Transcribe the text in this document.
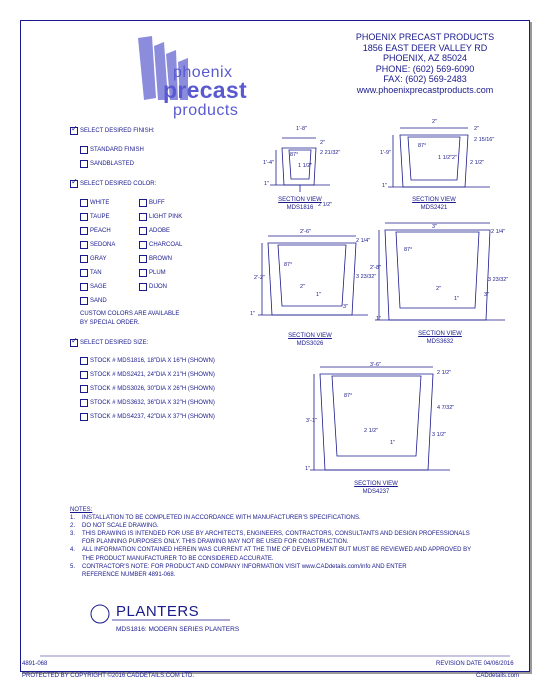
phoenix
precast
products
PHOENIX PRECAST PRODUCTS
1856 EAST DEER VALLEY RD
PHOENIX, AZ 85024
PHONE: (602) 569-6090
FAX: (602) 569-2483
www.phoenixprecastproducts.com
✓
SELECT DESIRED FINISH:
STANDARD FINISH
SANDBLASTED
✓
SELECT DESIRED COLOR:
WHITE
TAUPE
PEACH
SEDONA
GRAY
TAN
SAGE
SAND
BUFF
LIGHT PINK
ADOBE
CHARCOAL
BROWN
PLUM
DIJON
CUSTOM COLORS ARE AVAILABLE
BY SPECIAL ORDER.
✓
SELECT DESIRED SIZE:
STOCK # MDS1816, 18"DIA X 16"H (SHOWN)
STOCK # MDS2421, 24"DIA X 21"H (SHOWN)
STOCK # MDS3026, 30"DIA X 26"H (SHOWN)
STOCK # MDS3632, 36"DIA X 32"H (SHOWN)
STOCK # MDS4237, 42"DIA X 37"H (SHOWN)
1'-8"
2"
2 21/32"
1'-4"
87°
1 1/2"
1"
2 1/2"
SECTION VIEW
MDS1816
2"
2"
2 15/16"
1'-9"
87°
1 1/2" 2"
1"
2 1/2"
SECTION VIEW
MDS2421
2'-6"
2 1/4"
3 23/32"
2'-2"
87°
2"
1"
1"
3"
SECTION VIEW
MDS3026
3"
2 1/4"
3 23/32"
2'-8"
87°
2"
1"
1"
3"
SECTION VIEW
MDS3632
3'-6"
2 1/2"
4 7/32"
3'-1"
87°
2 1/2"
1"
1"
3 1/2"
SECTION VIEW
MDS4237
NOTES:
1. INSTALLATION TO BE COMPLETED IN ACCORDANCE WITH MANUFACTURER'S SPECIFICATIONS.
2. DO NOT SCALE DRAWING.
3. THIS DRAWING IS INTENDED FOR USE BY ARCHITECTS, ENGINEERS, CONTRACTORS, CONSULTANTS AND DESIGN PROFESSIONALS
FOR PLANNING PURPOSES ONLY. THIS DRAWING MAY NOT BE USED FOR CONSTRUCTION.
4. ALL INFORMATION CONTAINED HEREIN WAS CURRENT AT THE TIME OF DEVELOPMENT BUT MUST BE REVIEWED AND APPROVED BY
THE PRODUCT MANUFACTURER TO BE CONSIDERED ACCURATE.
5. CONTRACTOR'S NOTE: FOR PRODUCT AND COMPANY INFORMATION VISIT www.CADdetails.com/info AND ENTER
REFERENCE NUMBER 4891-068.
PLANTERS
MDS1816: MODERN SERIES PLANTERS
4891-068	REVISION DATE 04/06/2016
PROTECTED BY COPYRIGHT ©2016 CADDETAILS.COM LTD.	CADdetails.com
